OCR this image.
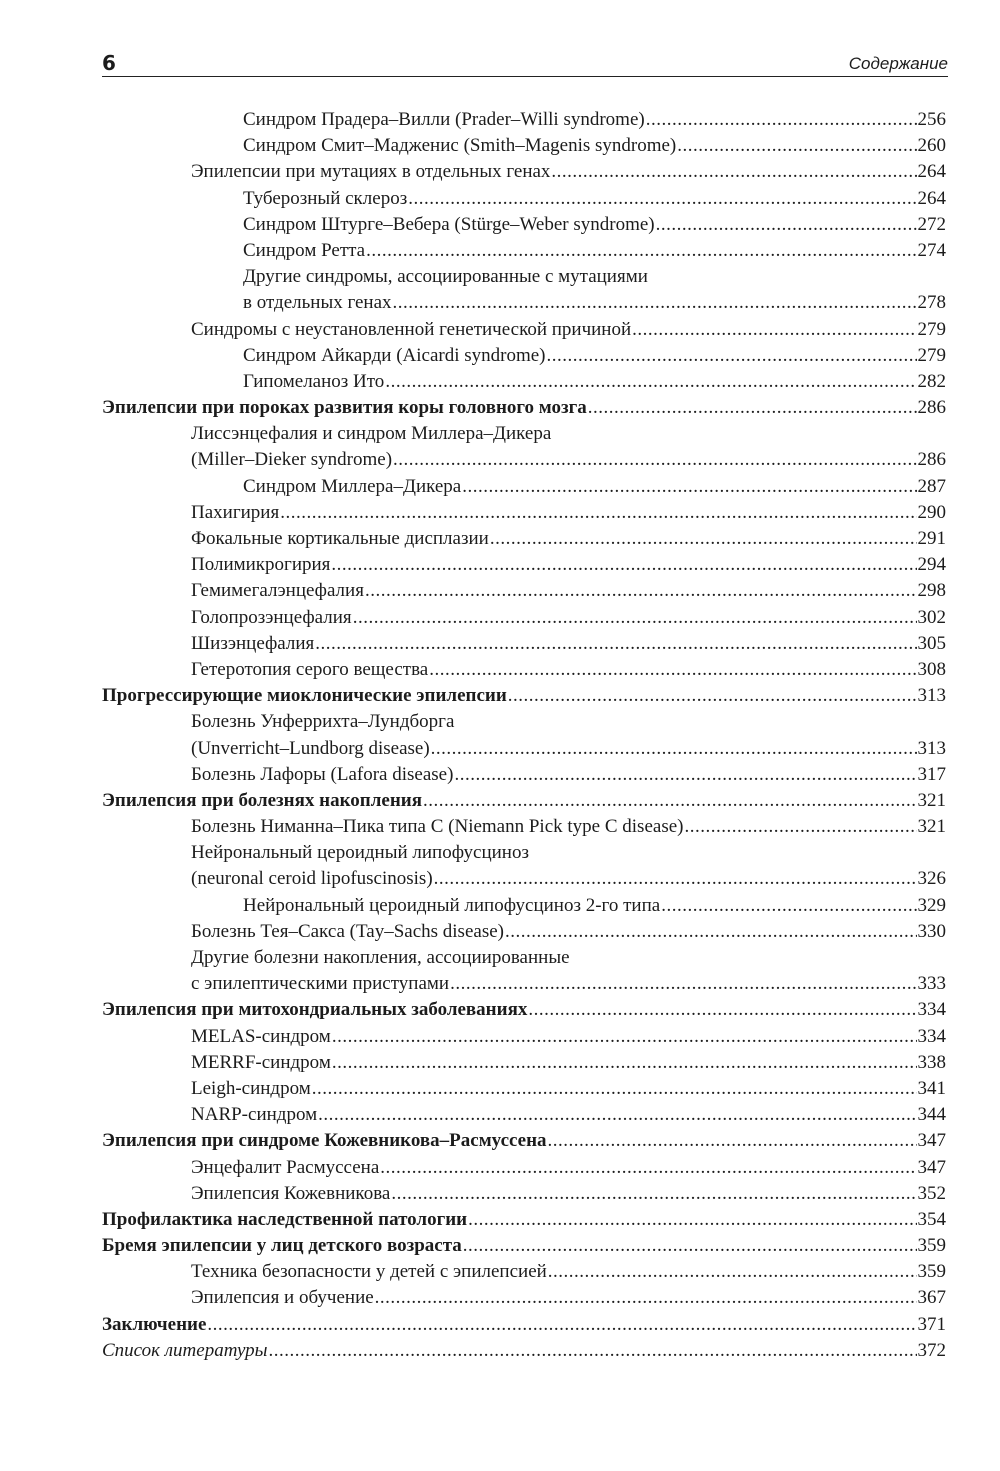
6	Содержание
Синдром Прадера–Вилли (Prader–Willi syndrome) .....	256
Синдром Смит–Мадженис (Smith–Magenis syndrome) .....	260
Эпилепсии при мутациях в отдельных генах .....	264
Туберозный склероз .....	264
Синдром Штурге–Вебера (Stürge–Weber syndrome) .....	272
Синдром Ретта .....	274
Другие синдромы, ассоциированные с мутациями
в отдельных генах .....	278
Синдромы с неустановленной генетической причиной .....	279
Синдром Айкарди (Aicardi syndrome) .....	279
Гипомеланоз Ито .....	282
Эпилепсии при пороках развития коры головного мозга .....	286
Лиссэнцефалия и синдром Миллера–Дикера
(Miller–Dieker syndrome) .....	286
Синдром Миллера–Дикера .....	287
Пахигирия .....	290
Фокальные кортикальные дисплазии .....	291
Полимикрогирия .....	294
Гемимегалэнцефалия .....	298
Голопрозэнцефалия .....	302
Шизэнцефалия .....	305
Гетеротопия серого вещества .....	308
Прогрессирующие миоклонические эпилепсии .....	313
Болезнь Унферрихта–Лундборга
(Unverricht–Lundborg disease) .....	313
Болезнь Лафоры (Lafora disease) .....	317
Эпилепсия при болезнях накопления .....	321
Болезнь Ниманна–Пика типа С (Niemann Pick type C disease) .....	321
Нейрональный цероидный липофусциноз
(neuronal ceroid lipofuscinosis) .....	326
Нейрональный цероидный липофусциноз 2-го типа .....	329
Болезнь Тея–Сакса (Tay–Sachs disease) .....	330
Другие болезни накопления, ассоциированные
с эпилептическими приступами .....	333
Эпилепсия при митохондриальных заболеваниях .....	334
MELAS-синдром .....	334
MERRF-синдром .....	338
Leigh-синдром .....	341
NARP-синдром .....	344
Эпилепсия при синдроме Кожевникова–Расмуссена .....	347
Энцефалит Расмуссена .....	347
Эпилепсия Кожевникова .....	352
Профилактика наследственной патологии .....	354
Бремя эпилепсии у лиц детского возраста .....	359
Техника безопасности у детей с эпилепсией .....	359
Эпилепсия и обучение .....	367
Заключение .....	371
Список литературы .....	372
